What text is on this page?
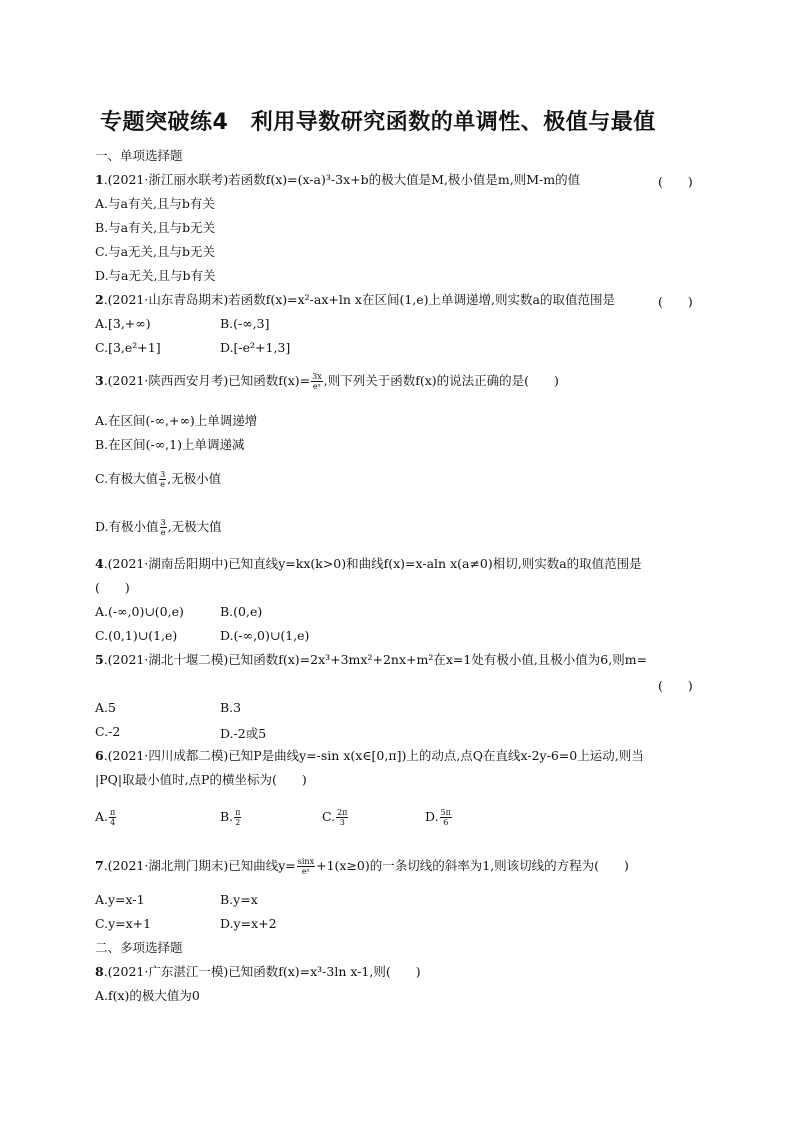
专题突破练4　利用导数研究函数的单调性、极值与最值
一、单项选择题
1.(2021·浙江丽水联考)若函数f(x)=(x-a)³-3x+b的极大值是M,极小值是m,则M-m的值	(　　)
A.与a有关,且与b有关
B.与a有关,且与b无关
C.与a无关,且与b无关
D.与a无关,且与b有关
2.(2021·山东青岛期末)若函数f(x)=x²-ax+ln x在区间(1,e)上单调递增,则实数a的取值范围是	(　　)
A.[3,+∞)	B.(-∞,3]
C.[3,e²+1]	D.[-e²+1,3]
3.(2021·陕西西安月考)已知函数$f(x)= \frac{3x}{\text{eˣ}}$ ,则下列关于函数f(x)的说法正确的是(　　)
A.在区间(-∞,+∞)上单调递增
B.在区间(-∞,1)上单调递减
C.有极大值 $\frac{3}{e}$ ,无极小值
D.有极小值 $\frac{3}{e}$ ,无极大值
4.(2021·湖南岳阳期中)已知直线y=kx(k>0)和曲线f(x)=x-aln x(a≠0)相切,则实数a的取值范围是
(　　)
A.(-∞,0)∪(0,e)	B.(0,e)
C.(0,1)∪(1,e)	D.(-∞,0)∪(1,e)
5.(2021·湖北十堰二模)已知函数f(x)=2x³+3mx²+2nx+m²在x=1处有极小值,且极小值为6,则m=
(　　)
A.5	B.3
C.-2	D.-2或5
6.(2021·四川成都二模)已知P是曲线y=-sin x(x∈[0,π])上的动点,点Q在直线x-2y-6=0上运动,则当
|PQ|取最小值时,点P的横坐标为(　　)
A. $\frac{\pi}{4}$	B. $\frac{\pi}{2}$	C. $\frac{2\pi}{3}$	D. $\frac{5\pi}{6}$
7.(2021·湖北荆门期末)已知曲线$y= \frac{\sin x}{\text{eˣ}} +1(x\ge 0)$的一条切线的斜率为1,则该切线的方程为(　　)
A.y=x-1	B.y=x
C.y=x+1	D.y=x+2
二、多项选择题
8.(2021·广东湛江一模)已知函数f(x)=x³-3ln x-1,则(　　)
A.f(x)的极大值为0
